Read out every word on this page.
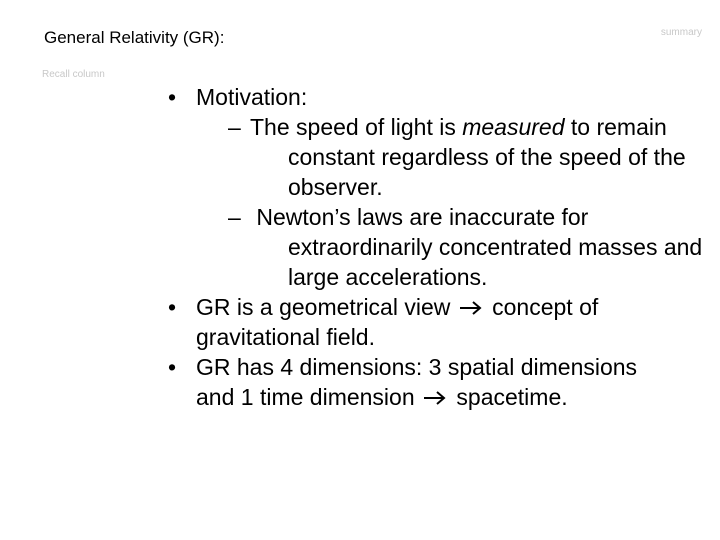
General Relativity (GR):	summary
Recall column
• Motivation:
– The speed of light is measured to remain
constant regardless of the speed of the
observer.
– Newton’s laws are inaccurate for
extraordinarily concentrated masses and
large accelerations.
• GR is a geometrical view concept of
gravitational field.
• GR has 4 dimensions: 3 spatial dimensions
and 1 time dimension spacetime.
